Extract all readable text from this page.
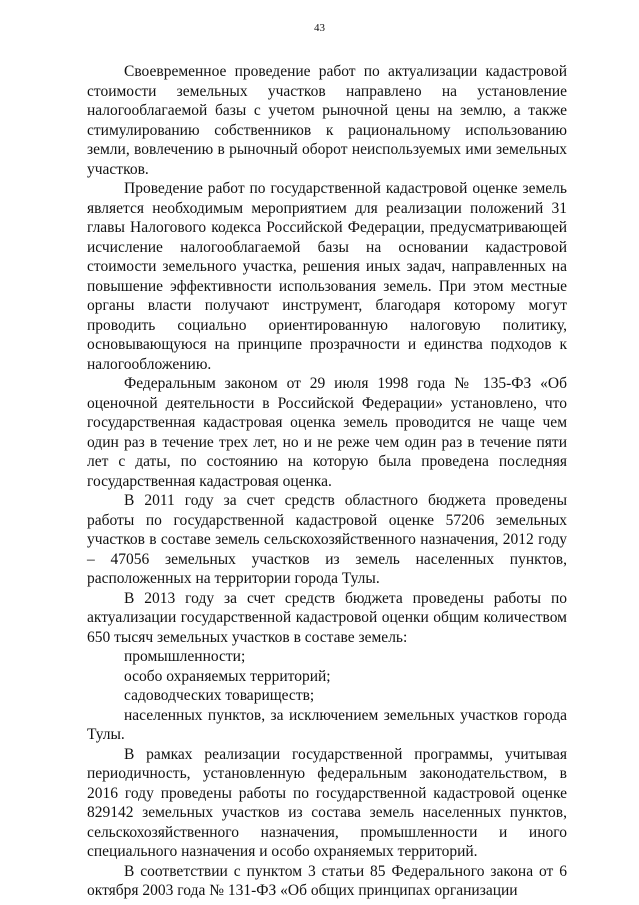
43

Своевременное проведение работ по актуализации кадастровой стоимости земельных участков направлено на установление налогооблагаемой базы с учетом рыночной цены на землю, а также стимулированию собственников к рациональному использованию земли, вовлечению в рыночный оборот неиспользуемых ими земельных участков.

Проведение работ по государственной кадастровой оценке земель является необходимым мероприятием для реализации положений 31 главы Налогового кодекса Российской Федерации, предусматривающей исчисление налогооблагаемой базы на основании кадастровой стоимости земельного участка, решения иных задач, направленных на повышение эффективности использования земель. При этом местные органы власти получают инструмент, благодаря которому могут проводить социально ориентированную налоговую политику, основывающуюся на принципе прозрачности и единства подходов к налогообложению.

Федеральным законом от 29 июля 1998 года № 135-ФЗ «Об оценочной деятельности в Российской Федерации» установлено, что государственная кадастровая оценка земель проводится не чаще чем один раз в течение трех лет, но и не реже чем один раз в течение пяти лет с даты, по состоянию на которую была проведена последняя государственная кадастровая оценка.

В 2011 году за счет средств областного бюджета проведены работы по государственной кадастровой оценке 57206 земельных участков в составе земель сельскохозяйственного назначения, 2012 году – 47056 земельных участков из земель населенных пунктов, расположенных на территории города Тулы.

В 2013 году за счет средств бюджета проведены работы по актуализации государственной кадастровой оценки общим количеством 650 тысяч земельных участков в составе земель:

промышленности;

особо охраняемых территорий;

садоводческих товариществ;

населенных пунктов, за исключением земельных участков города Тулы.

В рамках реализации государственной программы, учитывая периодичность, установленную федеральным законодательством, в 2016 году проведены работы по государственной кадастровой оценке 829142 земельных участков из состава земель населенных пунктов, сельскохозяйственного назначения, промышленности и иного специального назначения и особо охраняемых территорий.

В соответствии с пунктом 3 статьи 85 Федерального закона от 6 октября 2003 года № 131-ФЗ «Об общих принципах организации
